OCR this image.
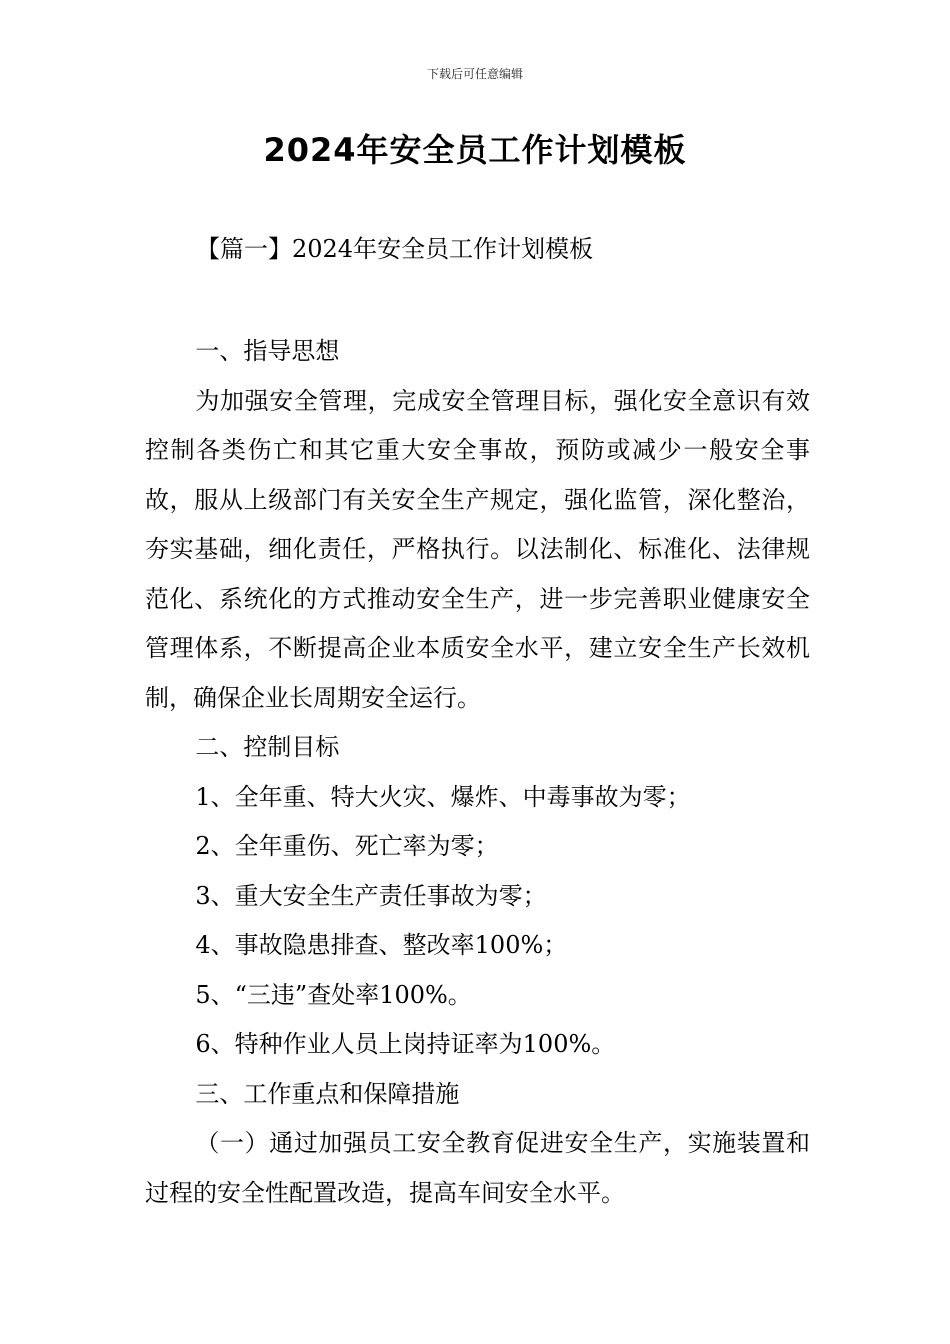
下载后可任意编辑
2024年安全员工作计划模板
【篇一】2024年安全员工作计划模板

一、指导思想

为加强安全管理，完成安全管理目标，强化安全意识有效控制各类伤亡和其它重大安全事故，预防或减少一般安全事故，服从上级部门有关安全生产规定，强化监管，深化整治，夯实基础，细化责任，严格执行。以法制化、标准化、法律规范化、系统化的方式推动安全生产，进一步完善职业健康安全管理体系，不断提高企业本质安全水平，建立安全生产长效机制，确保企业长周期安全运行。

二、控制目标

1、全年重、特大火灾、爆炸、中毒事故为零；

2、全年重伤、死亡率为零；

3、重大安全生产责任事故为零；

4、事故隐患排查、整改率100%；

5、“三违”查处率100%。

6、特种作业人员上岗持证率为100%。

三、工作重点和保障措施

（一）通过加强员工安全教育促进安全生产，实施装置和过程的安全性配置改造，提高车间安全水平。
